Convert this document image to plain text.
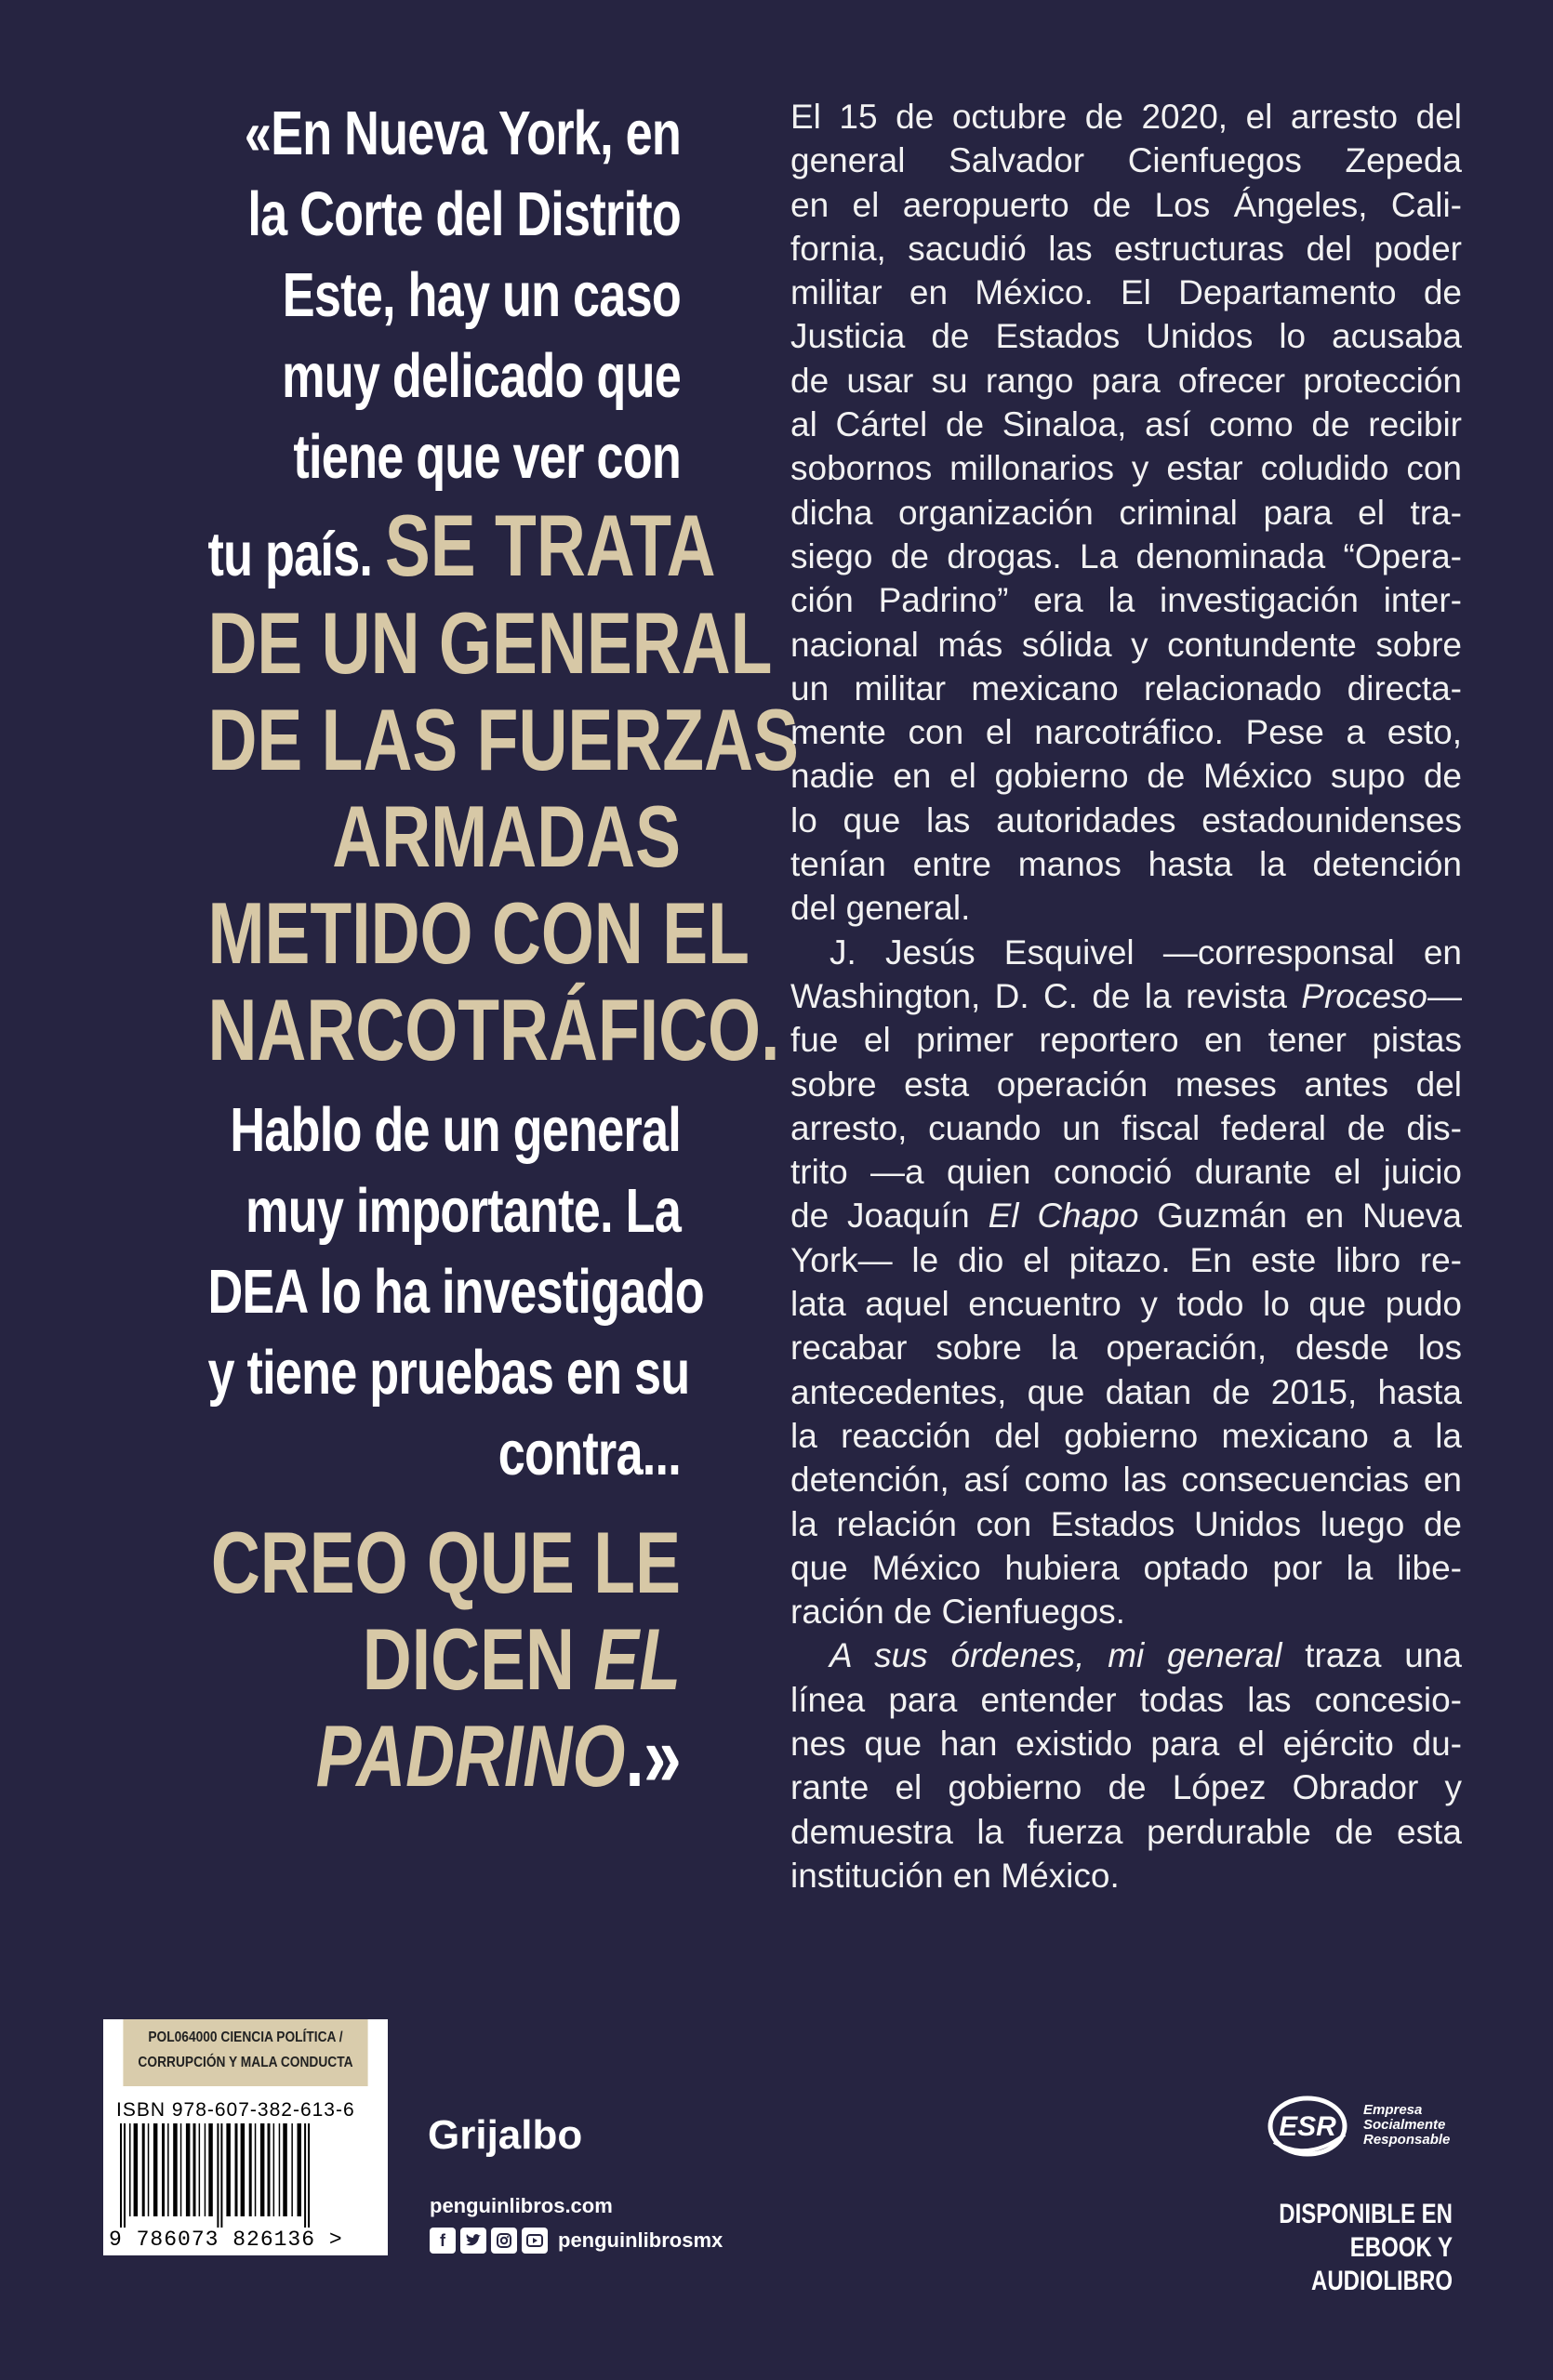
«En Nueva York, en
la Corte del Distrito
Este, hay un caso
muy delicado que
tiene que ver con
tu país. SE TRATA
DE UN GENERAL
DE LAS FUERZAS
ARMADAS
METIDO CON EL
NARCOTRÁFICO.
Hablo de un general
muy importante. La
DEA lo ha investigado
y tiene pruebas en su
contra...
CREO QUE LE
DICEN EL
PADRINO.»
El 15 de octubre de 2020, el arresto del
general Salvador Cienfuegos Zepeda
en el aeropuerto de Los Ángeles, Cali-
fornia, sacudió las estructuras del poder
militar en México. El Departamento de
Justicia de Estados Unidos lo acusaba
de usar su rango para ofrecer protección
al Cártel de Sinaloa, así como de recibir
sobornos millonarios y estar coludido con
dicha organización criminal para el tra-
siego de drogas. La denominada “Opera-
ción Padrino” era la investigación inter-
nacional más sólida y contundente sobre
un militar mexicano relacionado directa-
mente con el narcotráfico. Pese a esto,
nadie en el gobierno de México supo de
lo que las autoridades estadounidenses
tenían entre manos hasta la detención
del general.
J. Jesús Esquivel —corresponsal en
Washington, D. C. de la revista Proceso—
fue el primer reportero en tener pistas
sobre esta operación meses antes del
arresto, cuando un fiscal federal de dis-
trito —a quien conoció durante el juicio
de Joaquín El Chapo Guzmán en Nueva
York— le dio el pitazo. En este libro re-
lata aquel encuentro y todo lo que pudo
recabar sobre la operación, desde los
antecedentes, que datan de 2015, hasta
la reacción del gobierno mexicano a la
detención, así como las consecuencias en
la relación con Estados Unidos luego de
que México hubiera optado por la libe-
ración de Cienfuegos.
A sus órdenes, mi general traza una
línea para entender todas las concesio-
nes que han existido para el ejército du-
rante el gobierno de López Obrador y
demuestra la fuerza perdurable de esta
institución en México.
POL064000 CIENCIA POLÍTICA /
CORRUPCIÓN Y MALA CONDUCTA
ISBN 978-607-382-613-6
9 786073 826136 >
Grijalbo
penguinlibros.com
f	penguinlibrosmx
ESR
Empresa
Socialmente
Responsable
DISPONIBLE EN
EBOOK Y AUDIOLIBRO
